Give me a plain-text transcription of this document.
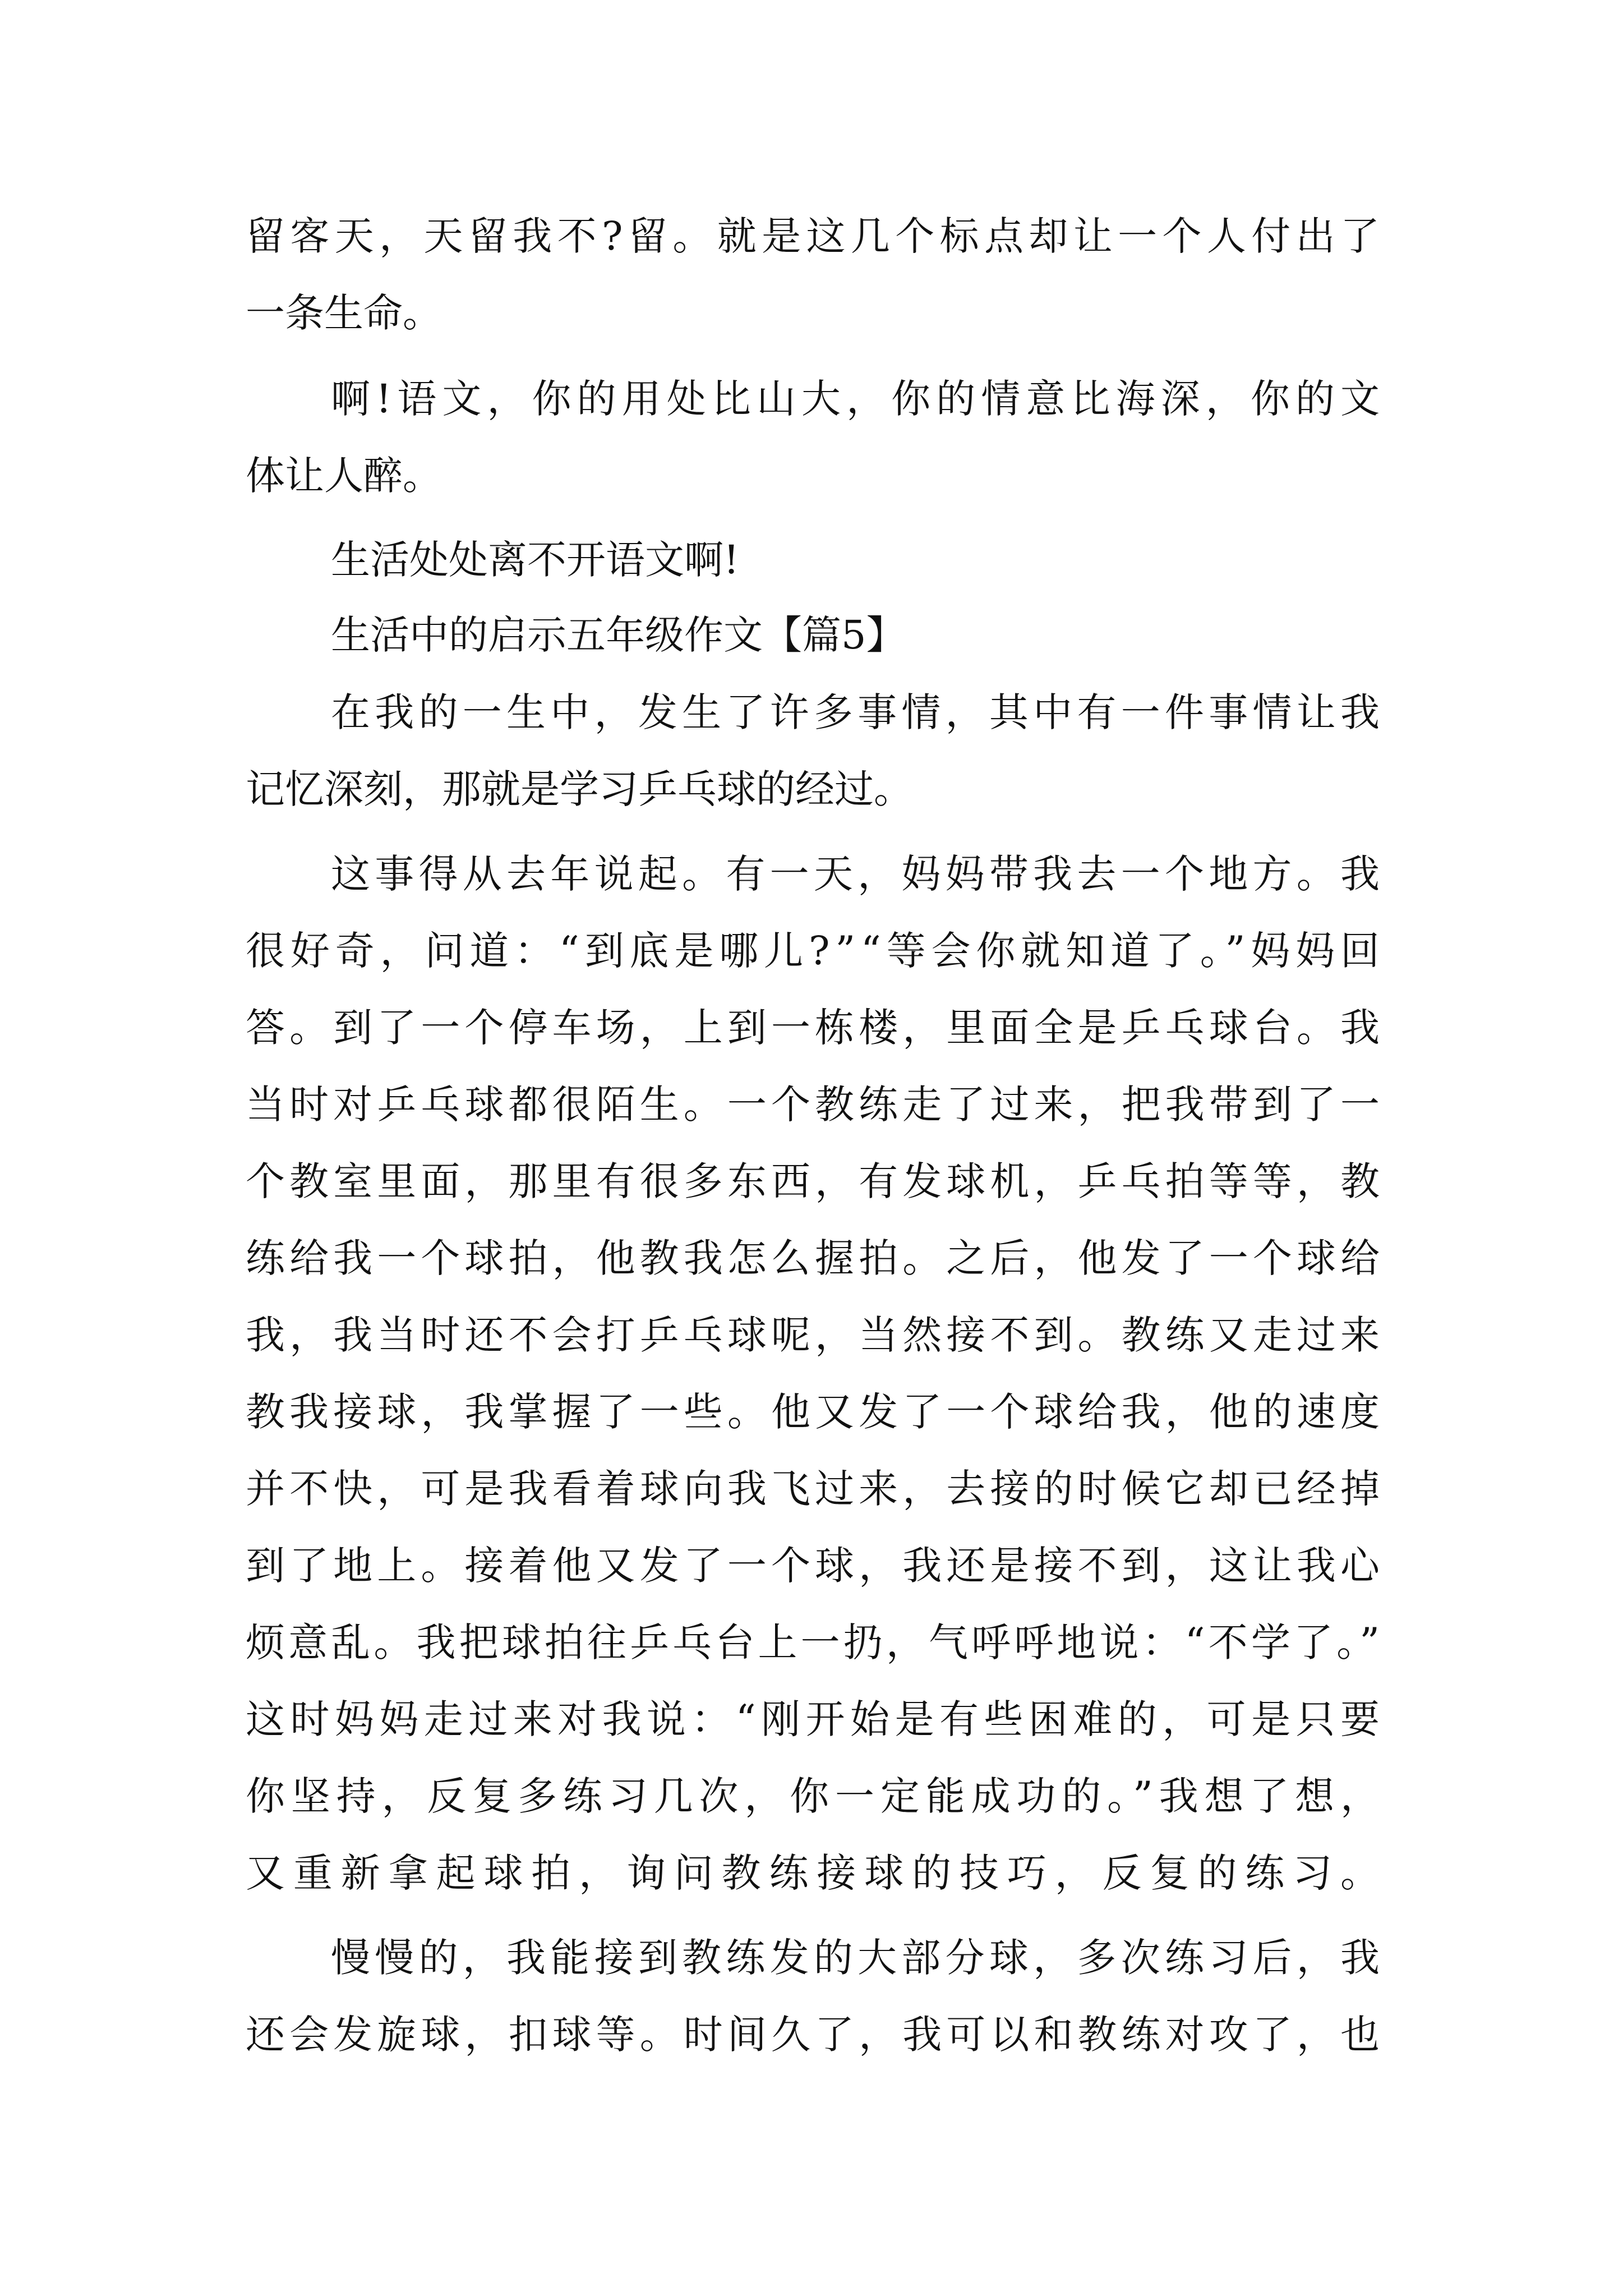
留客天，天留我不?留。就是这几个标点却让一个人付出了
一条生命。
啊!语文，你的用处比山大，你的情意比海深，你的文
体让人醉。
生活处处离不开语文啊!
生活中的启示五年级作文【篇5】
在我的一生中，发生了许多事情，其中有一件事情让我
记忆深刻，那就是学习乒乓球的经过。
这事得从去年说起。有一天，妈妈带我去一个地方。我
很好奇，问道：“到底是哪儿?”“等会你就知道了。”妈妈回
答。到了一个停车场，上到一栋楼，里面全是乒乓球台。我
当时对乒乓球都很陌生。一个教练走了过来，把我带到了一
个教室里面，那里有很多东西，有发球机，乒乓拍等等，教
练给我一个球拍，他教我怎么握拍。之后，他发了一个球给
我，我当时还不会打乒乓球呢，当然接不到。教练又走过来
教我接球，我掌握了一些。他又发了一个球给我，他的速度
并不快，可是我看着球向我飞过来，去接的时候它却已经掉
到了地上。接着他又发了一个球，我还是接不到，这让我心
烦意乱。我把球拍往乒乓台上一扔，气呼呼地说：“不学了。”
这时妈妈走过来对我说：“刚开始是有些困难的，可是只要
你坚持，反复多练习几次，你一定能成功的。”我想了想，
又重新拿起球拍，询问教练接球的技巧，反复的练习。
慢慢的，我能接到教练发的大部分球，多次练习后，我
还会发旋球，扣球等。时间久了，我可以和教练对攻了，也
